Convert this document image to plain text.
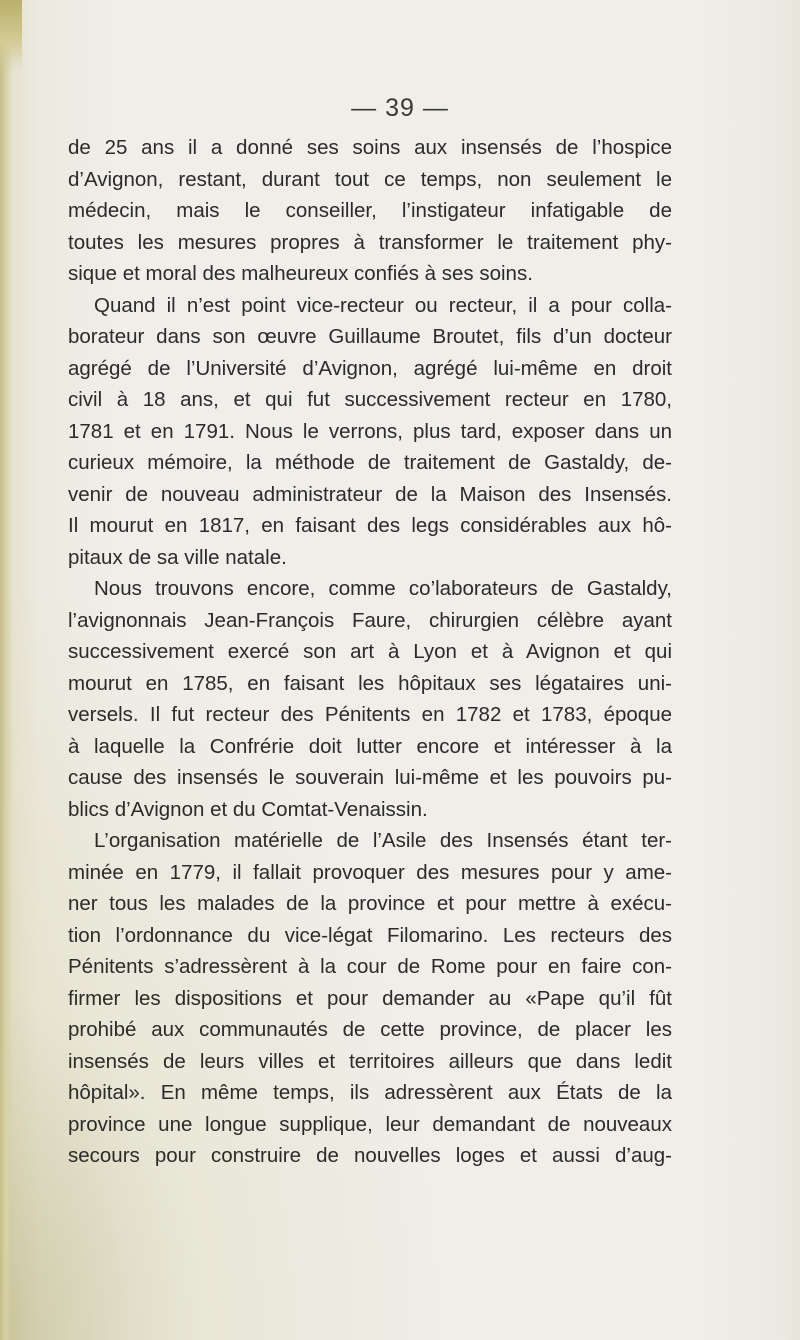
— 39 —
de 25 ans il a donné ses soins aux insensés de l’hospice
d’Avignon, restant, durant tout ce temps, non seulement le
médecin, mais le conseiller, l’instigateur infatigable de
toutes les mesures propres à transformer le traitement phy-
sique et moral des malheureux confiés à ses soins.
Quand il n’est point vice-recteur ou recteur, il a pour colla-
borateur dans son œuvre Guillaume Broutet, fils d’un docteur
agrégé de l’Université d’Avignon, agrégé lui-même en droit
civil à 18 ans, et qui fut successivement recteur en 1780,
1781 et en 1791. Nous le verrons, plus tard, exposer dans un
curieux mémoire, la méthode de traitement de Gastaldy, de-
venir de nouveau administrateur de la Maison des Insensés.
Il mourut en 1817, en faisant des legs considérables aux hô-
pitaux de sa ville natale.
Nous trouvons encore, comme co’laborateurs de Gastaldy,
l’avignonnais Jean-François Faure, chirurgien célèbre ayant
successivement exercé son art à Lyon et à Avignon et qui
mourut en 1785, en faisant les hôpitaux ses légataires uni-
versels. Il fut recteur des Pénitents en 1782 et 1783, époque
à laquelle la Confrérie doit lutter encore et intéresser à la
cause des insensés le souverain lui-même et les pouvoirs pu-
blics d’Avignon et du Comtat-Venaissin.
L’organisation matérielle de l’Asile des Insensés étant ter-
minée en 1779, il fallait provoquer des mesures pour y ame-
ner tous les malades de la province et pour mettre à exécu-
tion l’ordonnance du vice-légat Filomarino. Les recteurs des
Pénitents s’adressèrent à la cour de Rome pour en faire con-
firmer les dispositions et pour demander au «Pape qu’il fût
prohibé aux communautés de cette province, de placer les
insensés de leurs villes et territoires ailleurs que dans ledit
hôpital». En même temps, ils adressèrent aux États de la
province une longue supplique, leur demandant de nouveaux
secours pour construire de nouvelles loges et aussi d’aug-
